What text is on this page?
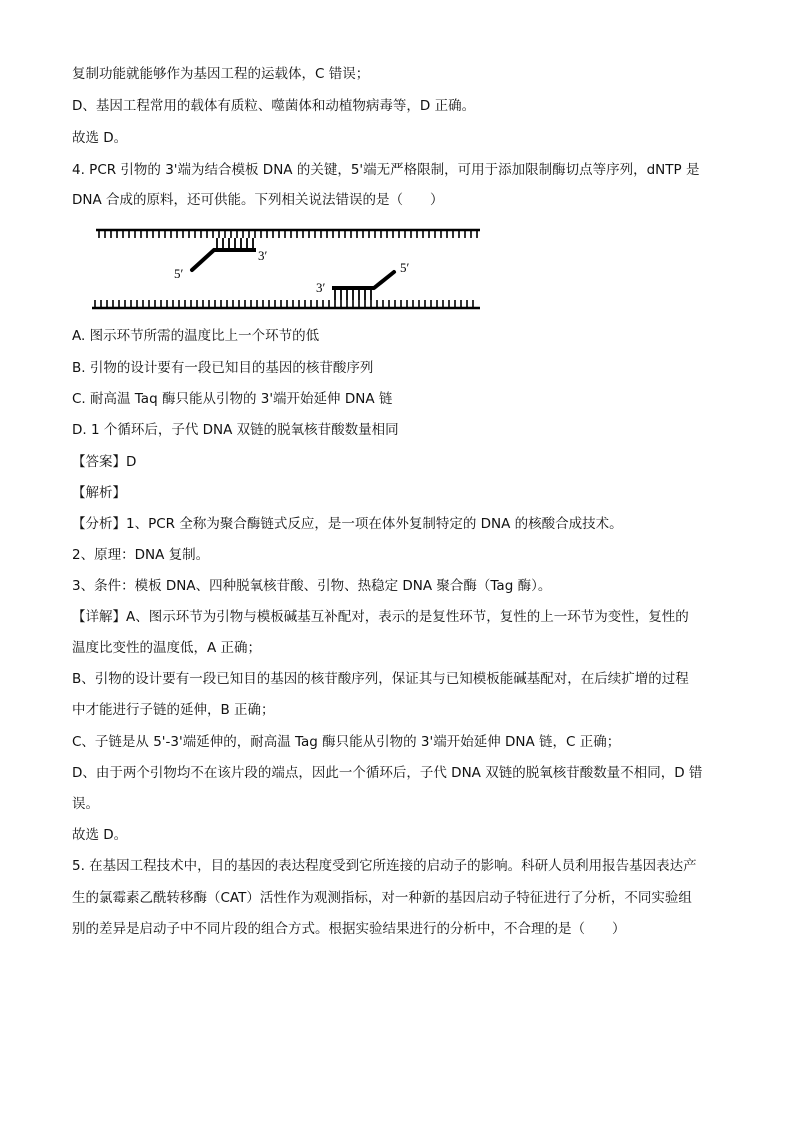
复制功能就能够作为基因工程的运载体，C 错误；
D、基因工程常用的载体有质粒、噬菌体和动植物病毒等，D 正确。
故选 D。
4. PCR 引物的 3'端为结合模板 DNA 的关键，5'端无严格限制，可用于添加限制酶切点等序列，dNTP 是
DNA 合成的原料，还可供能。下列相关说法错误的是（　　）
5′
3′
3′
5′
A. 图示环节所需的温度比上一个环节的低
B. 引物的设计要有一段已知目的基因的核苷酸序列
C. 耐高温 Taq 酶只能从引物的 3'端开始延伸 DNA 链
D. 1 个循环后，子代 DNA 双链的脱氧核苷酸数量相同
【答案】D
【解析】
【分析】1、PCR 全称为聚合酶链式反应，是一项在体外复制特定的 DNA 的核酸合成技术。
2、原理：DNA 复制。
3、条件：模板 DNA、四种脱氧核苷酸、引物、热稳定 DNA 聚合酶（Tag 酶）。
【详解】A、图示环节为引物与模板碱基互补配对，表示的是复性环节，复性的上一环节为变性，复性的
温度比变性的温度低，A 正确；
B、引物的设计要有一段已知目的基因的核苷酸序列，保证其与已知模板能碱基配对，在后续扩增的过程
中才能进行子链的延伸，B 正确；
C、子链是从 5'-3'端延伸的，耐高温 Tag 酶只能从引物的 3'端开始延伸 DNA 链，C 正确；
D、由于两个引物均不在该片段的端点，因此一个循环后，子代 DNA 双链的脱氧核苷酸数量不相同，D 错
误。
故选 D。
5. 在基因工程技术中，目的基因的表达程度受到它所连接的启动子的影响。科研人员利用报告基因表达产
生的氯霉素乙酰转移酶（CAT）活性作为观测指标，对一种新的基因启动子特征进行了分析，不同实验组
别的差异是启动子中不同片段的组合方式。根据实验结果进行的分析中，不合理的是（　　）
